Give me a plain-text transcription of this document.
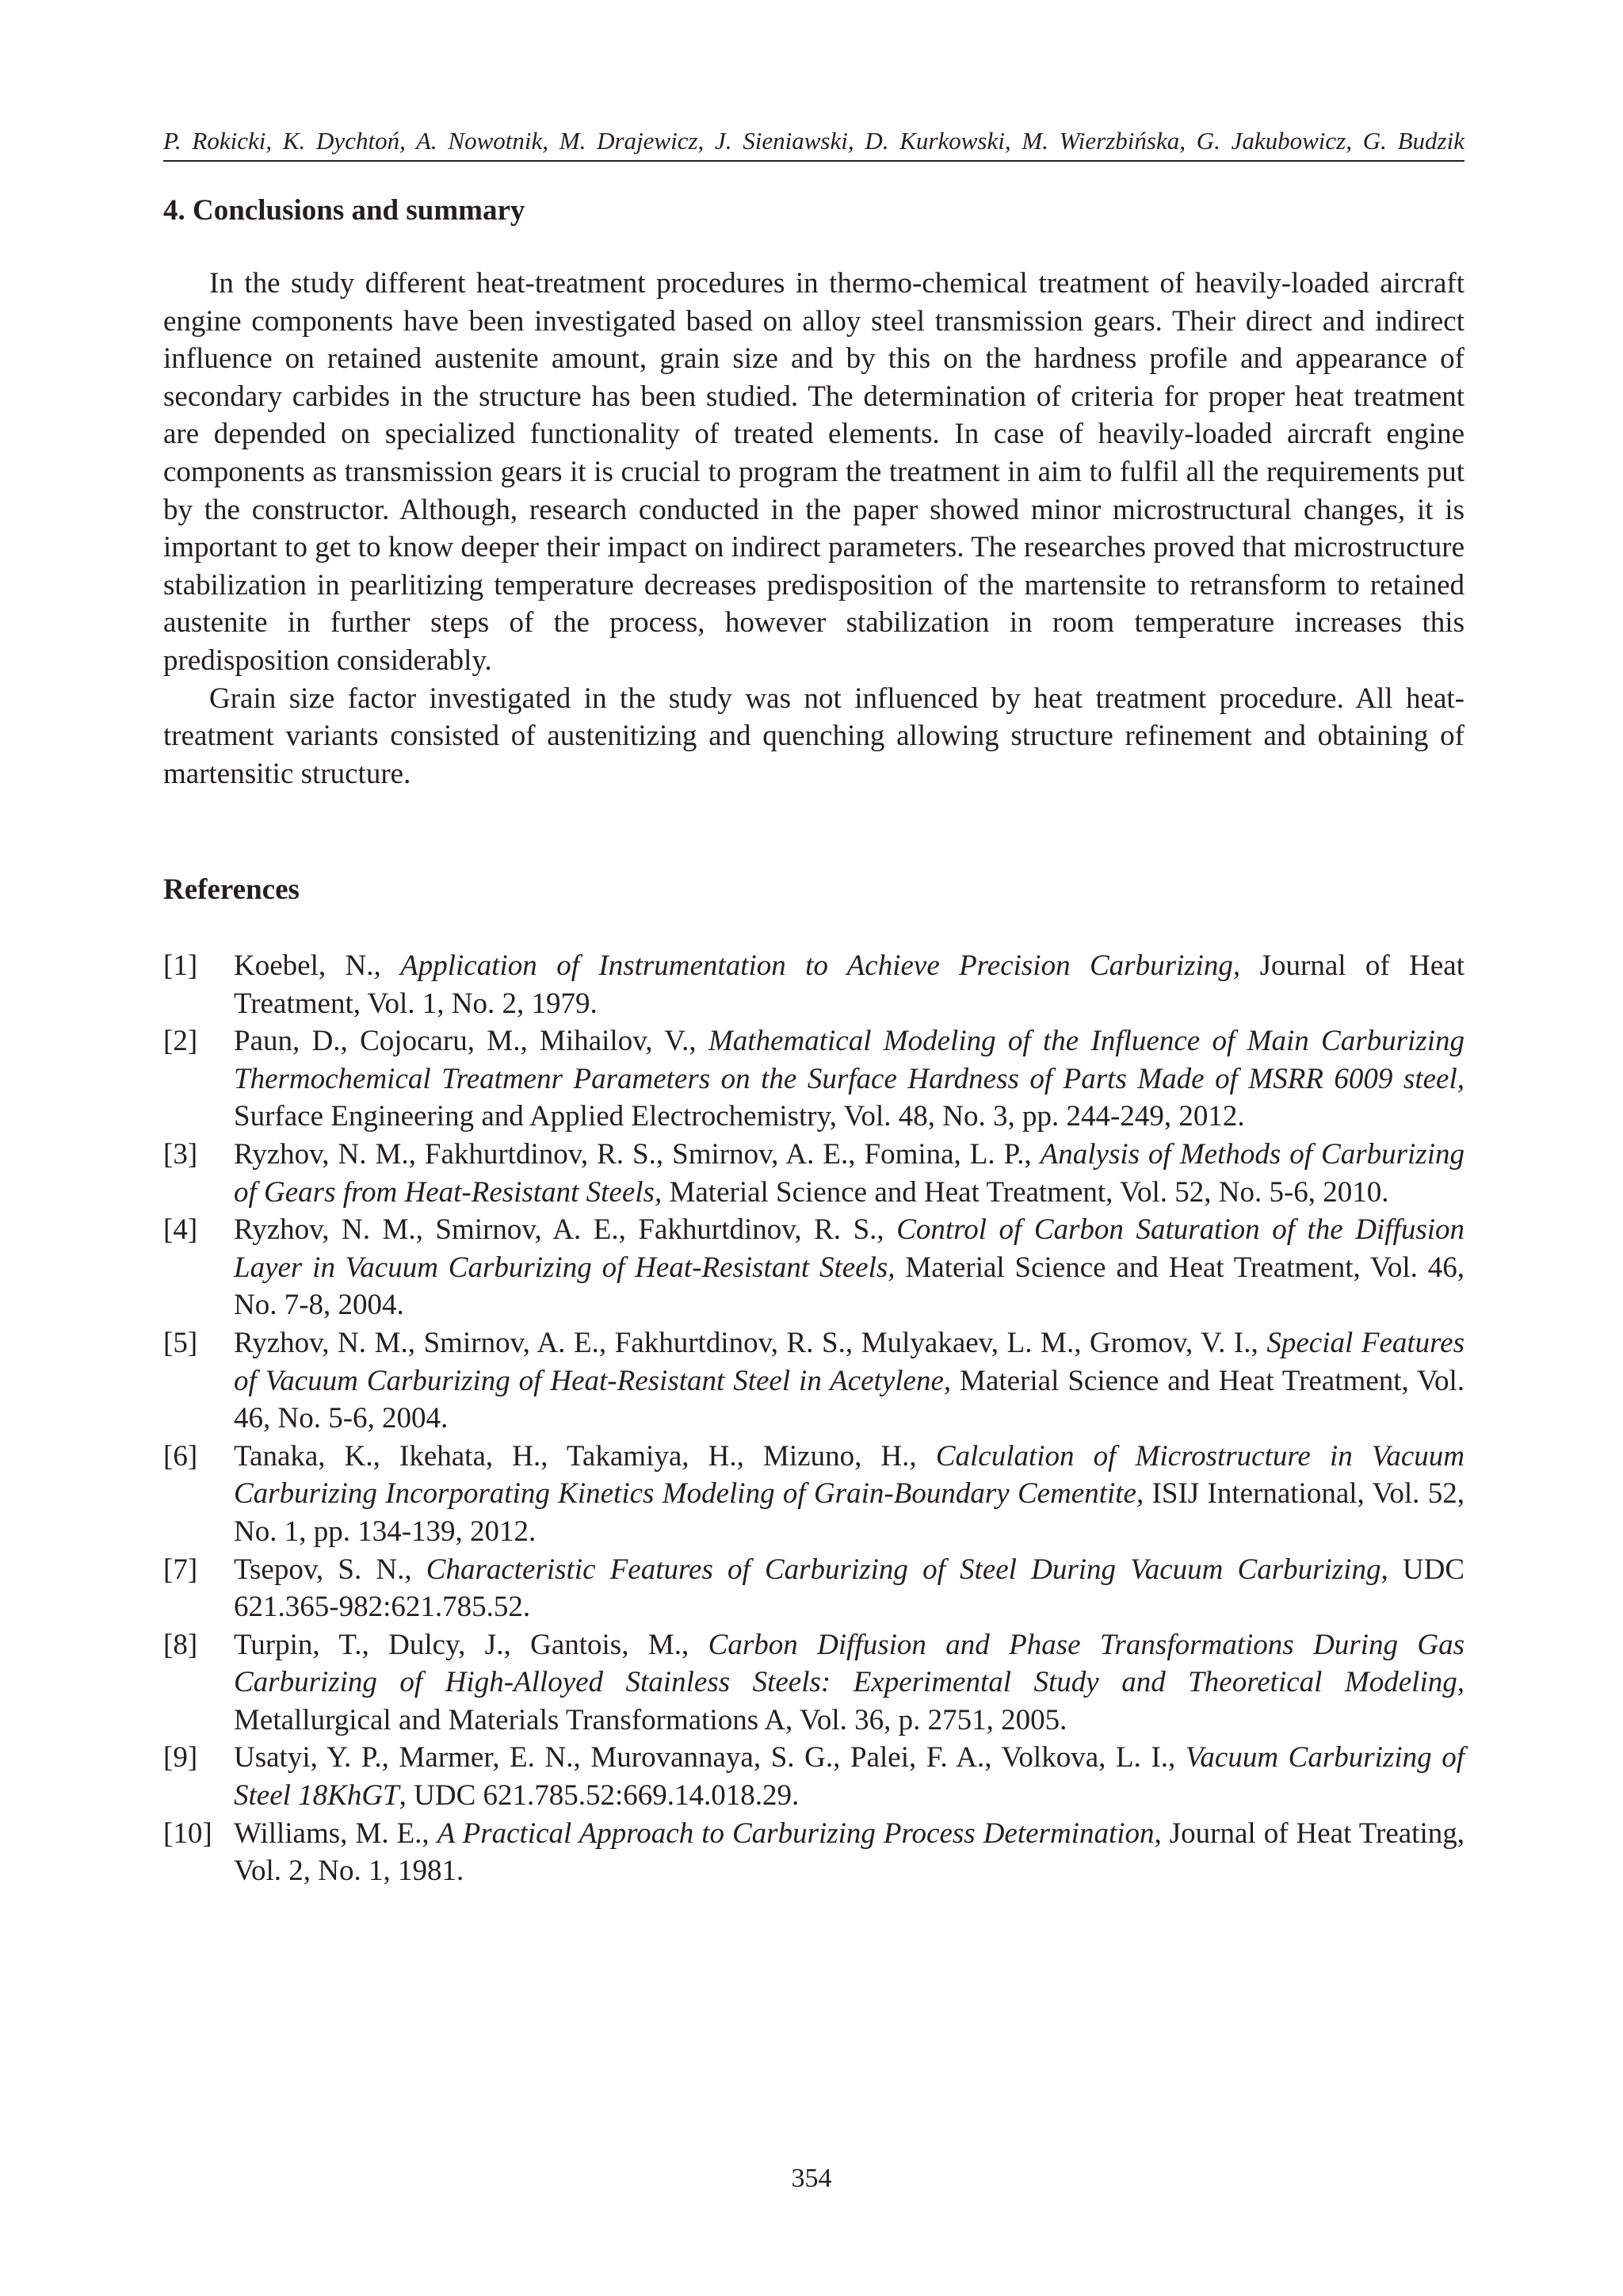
P. Rokicki, K. Dychtoń, A. Nowotnik, M. Drajewicz, J. Sieniawski, D. Kurkowski, M. Wierzbińska, G. Jakubowicz, G. Budzik
4. Conclusions and summary

In the study different heat-treatment procedures in thermo-chemical treatment of heavily-loaded aircraft engine components have been investigated based on alloy steel transmission gears. Their direct and indirect influence on retained austenite amount, grain size and by this on the hardness profile and appearance of secondary carbides in the structure has been studied. The determination of criteria for proper heat treatment are depended on specialized functionality of treated elements. In case of heavily-loaded aircraft engine components as transmission gears it is crucial to program the treatment in aim to fulfil all the requirements put by the constructor. Although, research conducted in the paper showed minor microstructural changes, it is important to get to know deeper their impact on indirect parameters. The researches proved that microstructure stabilization in pearlitizing temperature decreases predisposition of the martensite to retransform to retained austenite in further steps of the process, however stabilization in room temperature increases this predisposition considerably.

Grain size factor investigated in the study was not influenced by heat treatment procedure. All heat-treatment variants consisted of austenitizing and quenching allowing structure refinement and obtaining of martensitic structure.

References
[1] Koebel, N., Application of Instrumentation to Achieve Precision Carburizing, Journal of Heat Treatment, Vol. 1, No. 2, 1979.
[2] Paun, D., Cojocaru, M., Mihailov, V., Mathematical Modeling of the Influence of Main Carburizing Thermochemical Treatmenr Parameters on the Surface Hardness of Parts Made of MSRR 6009 steel, Surface Engineering and Applied Electrochemistry, Vol. 48, No. 3, pp. 244-249, 2012.
[3] Ryzhov, N. M., Fakhurtdinov, R. S., Smirnov, A. E., Fomina, L. P., Analysis of Methods of Carburizing of Gears from Heat-Resistant Steels, Material Science and Heat Treatment, Vol. 52, No. 5-6, 2010.
[4] Ryzhov, N. M., Smirnov, A. E., Fakhurtdinov, R. S., Control of Carbon Saturation of the Diffusion Layer in Vacuum Carburizing of Heat-Resistant Steels, Material Science and Heat Treatment, Vol. 46, No. 7-8, 2004.
[5] Ryzhov, N. M., Smirnov, A. E., Fakhurtdinov, R. S., Mulyakaev, L. M., Gromov, V. I., Special Features of Vacuum Carburizing of Heat-Resistant Steel in Acetylene, Material Science and Heat Treatment, Vol. 46, No. 5-6, 2004.
[6] Tanaka, K., Ikehata, H., Takamiya, H., Mizuno, H., Calculation of Microstructure in Vacuum Carburizing Incorporating Kinetics Modeling of Grain-Boundary Cementite, ISIJ International, Vol. 52, No. 1, pp. 134-139, 2012.
[7] Tsepov, S. N., Characteristic Features of Carburizing of Steel During Vacuum Carburizing, UDC 621.365-982:621.785.52.
[8] Turpin, T., Dulcy, J., Gantois, M., Carbon Diffusion and Phase Transformations During Gas Carburizing of High-Alloyed Stainless Steels: Experimental Study and Theoretical Modeling, Metallurgical and Materials Transformations A, Vol. 36, p. 2751, 2005.
[9] Usatyi, Y. P., Marmer, E. N., Murovannaya, S. G., Palei, F. A., Volkova, L. I., Vacuum Carburizing of Steel 18KhGT, UDC 621.785.52:669.14.018.29.
[10] Williams, M. E., A Practical Approach to Carburizing Process Determination, Journal of Heat Treating, Vol. 2, No. 1, 1981.
354
